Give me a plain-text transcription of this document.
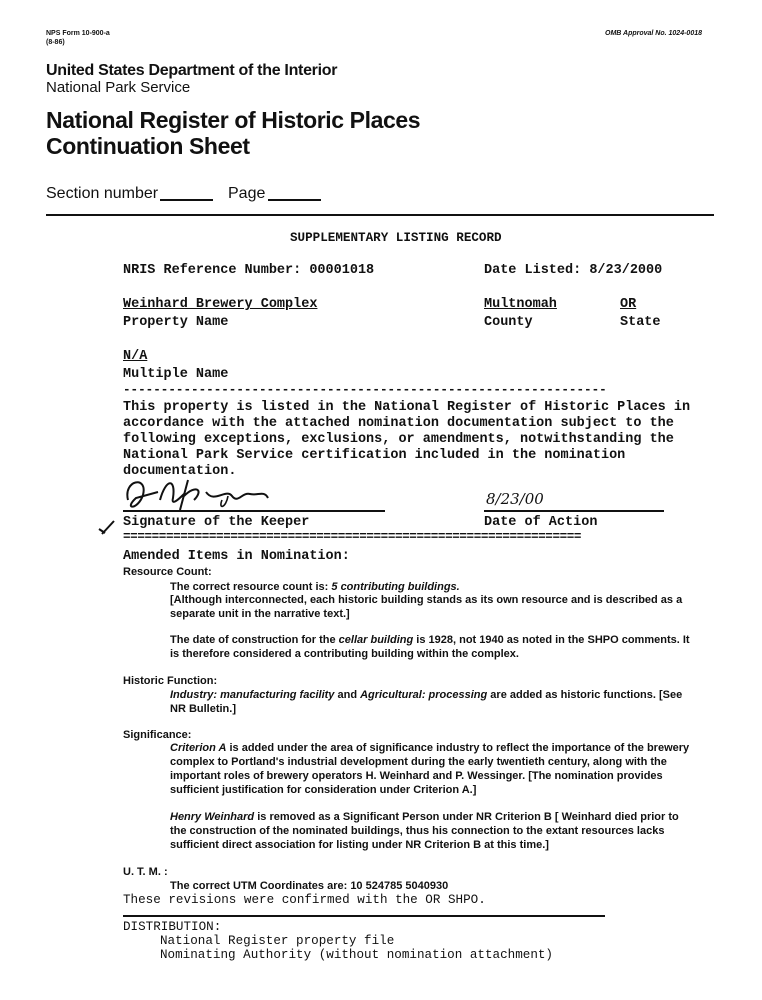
NPS Form 10-900-a
(8-86)
OMB Approval No. 1024-0018
United States Department of the Interior
National Park Service
National Register of Historic Places
Continuation Sheet
Section number	Page
SUPPLEMENTARY LISTING RECORD
NRIS Reference Number: 00001018	Date Listed: 8/23/2000
Weinhard Brewery Complex	Multnomah	OR
Property Name	County	State
N/A
Multiple Name
----------------------------------------------------------------
This property is listed in the National Register of Historic Places in
accordance with the attached nomination documentation subject to the
following exceptions, exclusions, or amendments, notwithstanding the
National Park Service certification included in the nomination
documentation.
Signature of the Keeper
8/23/00
Date of Action
================================================================
Amended Items in Nomination:
Resource Count:
The correct resource count is: 5 contributing buildings.
[Although interconnected, each historic building stands as its own resource and is described as a
separate unit in the narrative text.]
The date of construction for the cellar building is 1928, not 1940 as noted in the SHPO comments. It
is therefore considered a contributing building within the complex.
Historic Function:
Industry: manufacturing facility and Agricultural: processing are added as historic functions. [See
NR Bulletin.]
Significance:
Criterion A is added under the area of significance industry to reflect the importance of the brewery
complex to Portland's industrial development during the early twentieth century, along with the
important roles of brewery operators H. Weinhard and P. Wessinger. [The nomination provides
sufficient justification for consideration under Criterion A.]
Henry Weinhard is removed as a Significant Person under NR Criterion B [ Weinhard died prior to
the construction of the nominated buildings, thus his connection to the extant resources lacks
sufficient direct association for listing under NR Criterion B at this time.]
U. T. M. :
The correct UTM Coordinates are: 10 524785 5040930
These revisions were confirmed with the OR SHPO.
DISTRIBUTION:
National Register property file
Nominating Authority (without nomination attachment)
